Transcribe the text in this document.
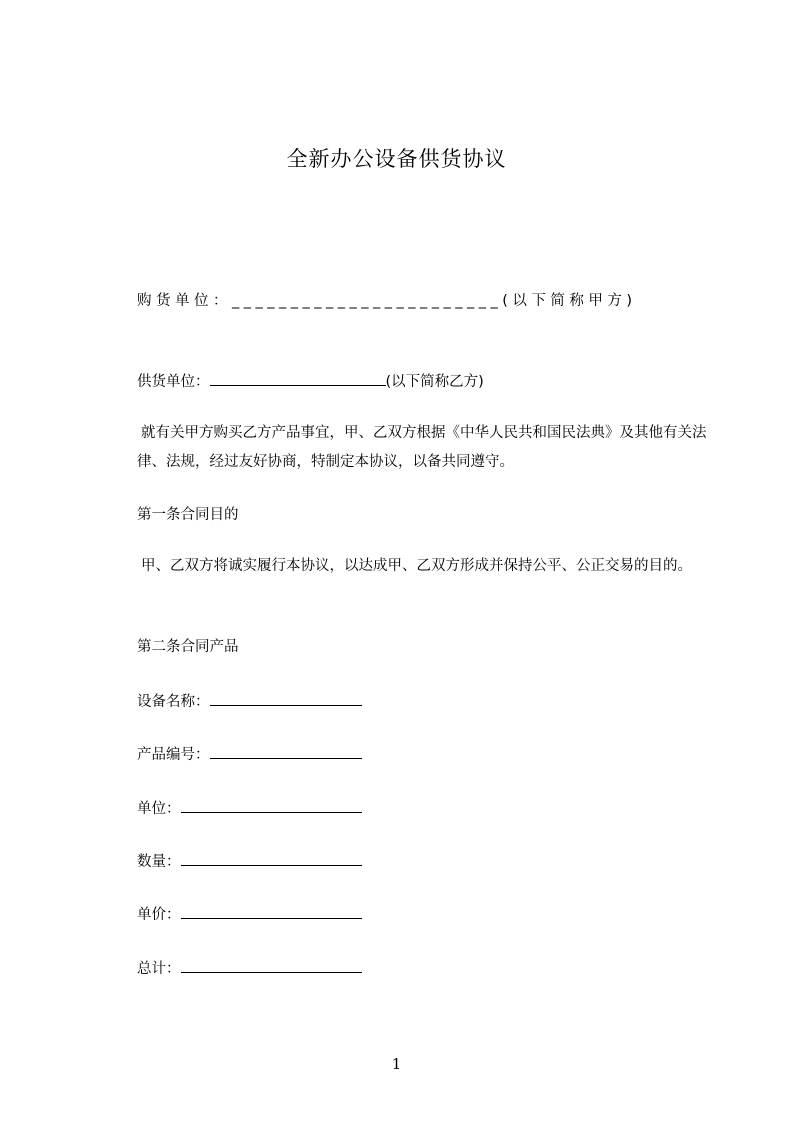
全新办公设备供货协议
购货单位：_______________________(以下简称甲方)
供货单位：	(以下简称乙方)
就有关甲方购买乙方产品事宜，甲、乙双方根据《中华人民共和国民法典》及其他有关法律、法规，经过友好协商，特制定本协议，以备共同遵守。
第一条合同目的
甲、乙双方将诚实履行本协议，以达成甲、乙双方形成并保持公平、公正交易的目的。
第二条合同产品
设备名称：
产品编号：
单位：
数量：
单价：
总计：
1
